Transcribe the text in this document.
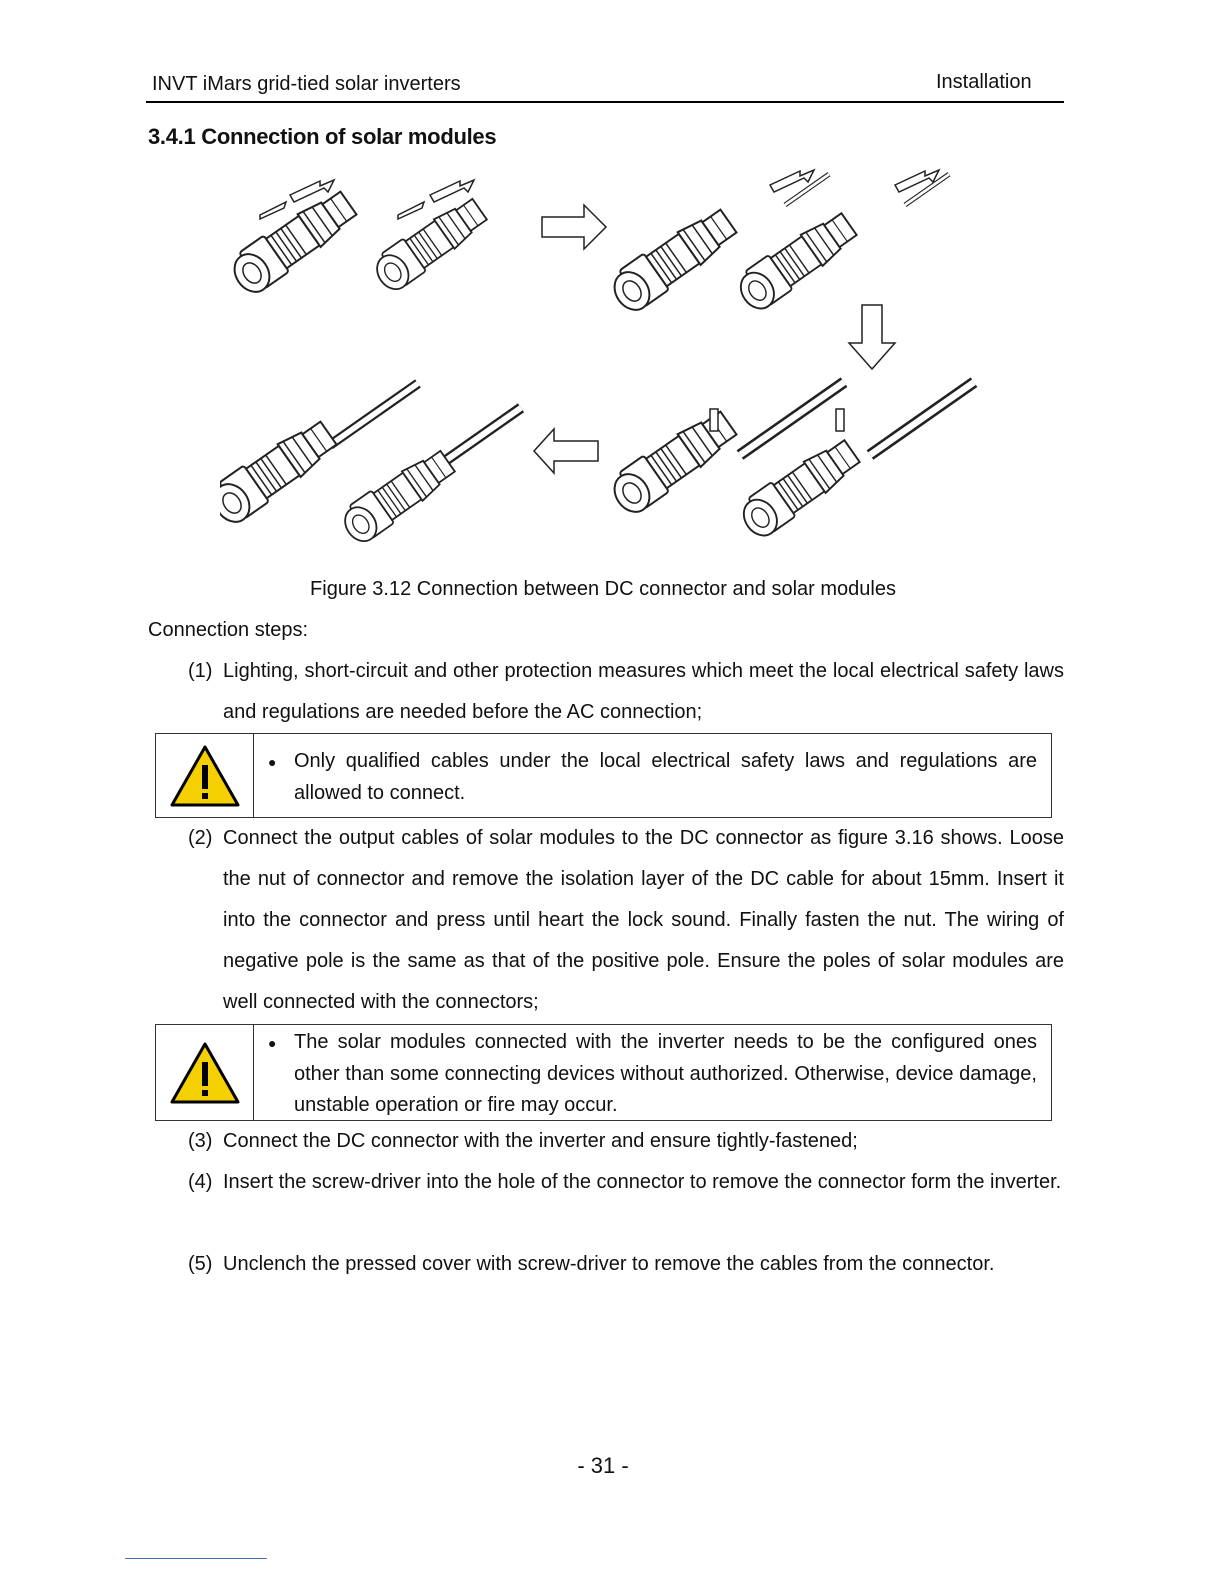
INVT iMars grid-tied solar inverters	Installation
3.4.1 Connection of solar modules
Figure 3.12 Connection between DC connector and solar modules
Connection steps:
(1) Lighting, short-circuit and other protection measures which meet the local electrical safety laws and regulations are needed before the AC connection;
● Only qualified cables under the local electrical safety laws and regulations are allowed to connect.
(2) Connect the output cables of solar modules to the DC connector as figure 3.16 shows. Loose the nut of connector and remove the isolation layer of the DC cable for about 15mm. Insert it into the connector and press until heart the lock sound. Finally fasten the nut. The wiring of negative pole is the same as that of the positive pole. Ensure the poles of solar modules are well connected with the connectors;
● The solar modules connected with the inverter needs to be the configured ones other than some connecting devices without authorized. Otherwise, device damage, unstable operation or fire may occur.
(3) Connect the DC connector with the inverter and ensure tightly-fastened;
(4) Insert the screw-driver into the hole of the connector to remove the connector form the inverter.
(5) Unclench the pressed cover with screw-driver to remove the cables from the connector.
- 31 -
